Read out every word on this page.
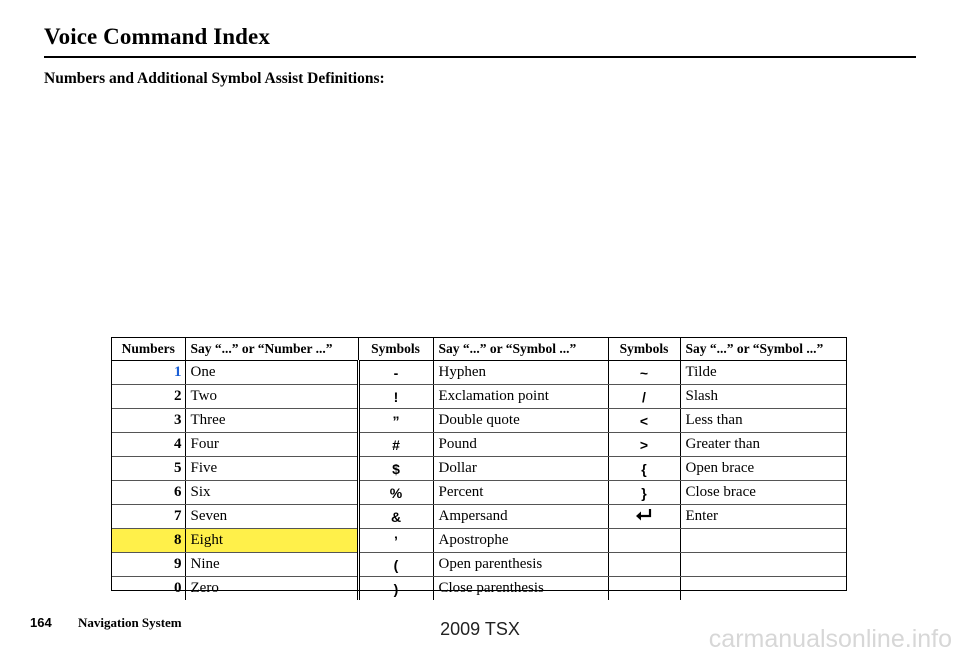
Voice Command Index
Numbers and Additional Symbol Assist Definitions:
Numbers	Say “...” or “Number ...”	Symbols	Say “...” or “Symbol ...”	Symbols	Say “...” or “Symbol ...”
1	One	-	Hyphen	~	Tilde
2	Two	!	Exclamation point	/	Slash
3	Three	”	Double quote	<	Less than
4	Four	#	Pound	>	Greater than
5	Five	$	Dollar	{	Open brace
6	Six	%	Percent	}	Close brace
7	Seven	&	Ampersand		Enter
8	Eight	’	Apostrophe		
9	Nine	(	Open parenthesis		
0	Zero	)	Close parenthesis		
164 Navigation System	2009 TSX	carmanualsonline.info
